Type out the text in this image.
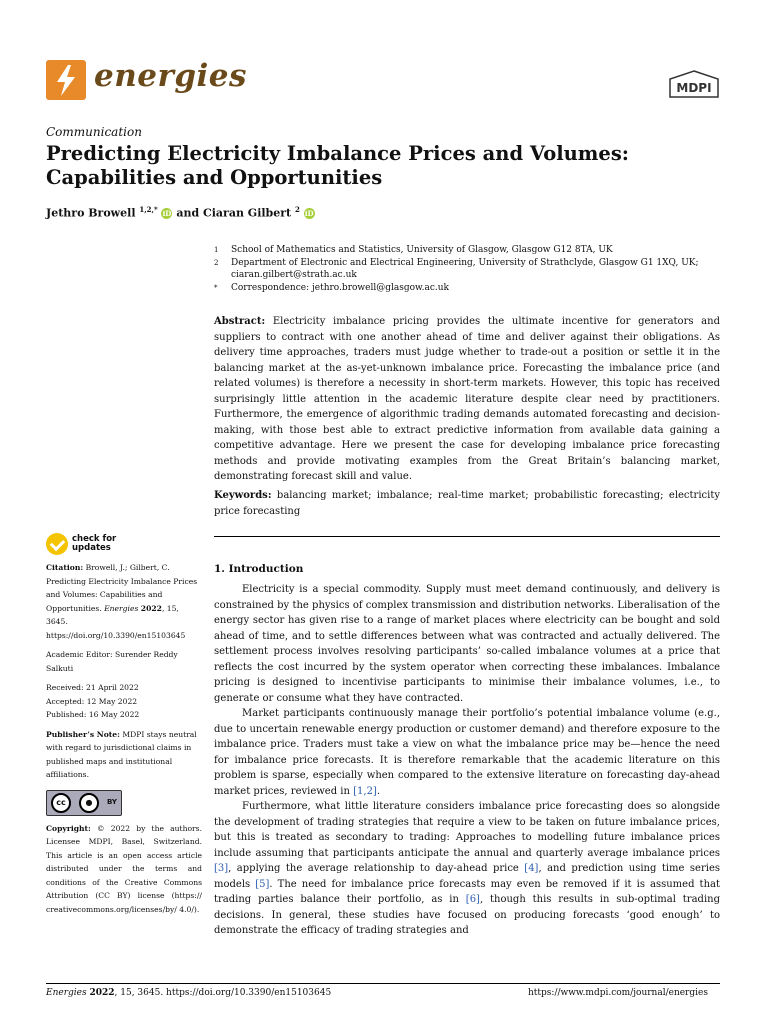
energies	MDPI
Communication
Predicting Electricity Imbalance Prices and Volumes: Capabilities and Opportunities
Jethro Browell $^{1,2,*}$ iD and Ciaran Gilbert $^2$ iD
1	School of Mathematics and Statistics, University of Glasgow, Glasgow G12 8TA, UK
2	Department of Electronic and Electrical Engineering, University of Strathclyde, Glasgow G1 1XQ, UK; ciaran.gilbert@strath.ac.uk
*	Correspondence: jethro.browell@glasgow.ac.uk
Abstract: Electricity imbalance pricing provides the ultimate incentive for generators and suppliers to contract with one another ahead of time and deliver against their obligations. As delivery time approaches, traders must judge whether to trade-out a position or settle it in the balancing market at the as-yet-unknown imbalance price. Forecasting the imbalance price (and related volumes) is therefore a necessity in short-term markets. However, this topic has received surprisingly little attention in the academic literature despite clear need by practitioners. Furthermore, the emergence of algorithmic trading demands automated forecasting and decision-making, with those best able to extract predictive information from available data gaining a competitive advantage. Here we present the case for developing imbalance price forecasting methods and provide motivating examples from the Great Britain’s balancing market, demonstrating forecast skill and value.
Keywords: balancing market; imbalance; real-time market; probabilistic forecasting; electricity price forecasting
check for
updates
Citation: Browell, J.; Gilbert, C. Predicting Electricity Imbalance Prices and Volumes: Capabilities and Opportunities. Energies 2022, 15, 3645. https://doi.org/10.3390/en15103645
Academic Editor: Surender Reddy Salkuti
Received: 21 April 2022
Accepted: 12 May 2022
Published: 16 May 2022
Publisher’s Note: MDPI stays neutral with regard to jurisdictional claims in published maps and institutional affiliations.
cc	●	BY
Copyright: © 2022 by the authors. Licensee MDPI, Basel, Switzerland. This article is an open access article distributed under the terms and conditions of the Creative Commons Attribution (CC BY) license (https:// creativecommons.org/licenses/by/ 4.0/).
1. Introduction

Electricity is a special commodity. Supply must meet demand continuously, and delivery is constrained by the physics of complex transmission and distribution networks. Liberalisation of the energy sector has given rise to a range of market places where electricity can be bought and sold ahead of time, and to settle differences between what was contracted and actually delivered. The settlement process involves resolving participants’ so-called imbalance volumes at a price that reflects the cost incurred by the system operator when correcting these imbalances. Imbalance pricing is designed to incentivise participants to minimise their imbalance volumes, i.e., to generate or consume what they have contracted.

Market participants continuously manage their portfolio’s potential imbalance volume (e.g., due to uncertain renewable energy production or customer demand) and therefore exposure to the imbalance price. Traders must take a view on what the imbalance price may be—hence the need for imbalance price forecasts. It is therefore remarkable that the academic literature on this problem is sparse, especially when compared to the extensive literature on forecasting day-ahead market prices, reviewed in [1,2].

Furthermore, what little literature considers imbalance price forecasting does so alongside the development of trading strategies that require a view to be taken on future imbalance prices, but this is treated as secondary to trading: Approaches to modelling future imbalance prices include assuming that participants anticipate the annual and quarterly average imbalance prices [3], applying the average relationship to day-ahead price [4], and prediction using time series models [5]. The need for imbalance price forecasts may even be removed if it is assumed that trading parties balance their portfolio, as in [6], though this results in sub-optimal trading decisions. In general, these studies have focused on producing forecasts ‘good enough’ to demonstrate the efficacy of trading strategies and

Energies 2022, 15, 3645. https://doi.org/10.3390/en15103645	https://www.mdpi.com/journal/energies
